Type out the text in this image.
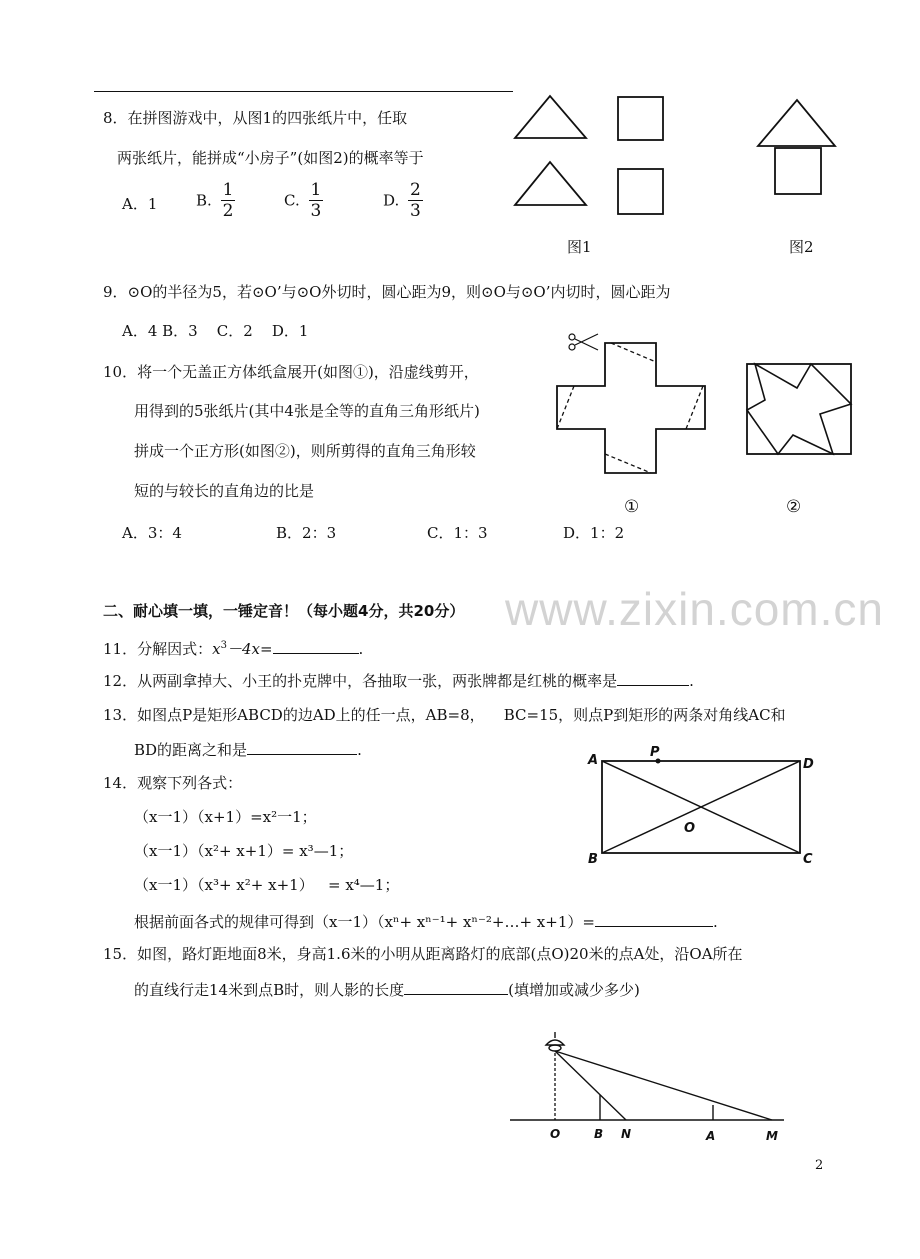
www.zixin.com.cn
8．在拼图游戏中，从图1的四张纸片中，任取
两张纸片，能拼成“小房子”(如图2)的概率等于
A．1	B. $\frac{1}{2}$	C. $\frac{1}{3}$	D. $\frac{2}{3}$
图1	图2
9．⊙O的半径为5，若⊙O’与⊙O外切时，圆心距为9，则⊙O与⊙O’内切时，圆心距为
A．4 B．3    C．2    D．1
10．将一个无盖正方体纸盒展开(如图①)，沿虚线剪开，
用得到的5张纸片(其中4张是全等的直角三角形纸片)
拼成一个正方形(如图②)，则所剪得的直角三角形较
短的与较长的直角边的比是
A．3：4	B．2：3	C．1：3	D．1：2
①	②
二、耐心填一填，一锤定音！（每小题4分，共20分）
11．分解因式：$x^3-4x=$	.
12．从两副拿掉大、小王的扑克牌中，各抽取一张，两张牌都是红桃的概率是	.
13．如图点P是矩形ABCD的边AD上的任一点，AB=8，    BC=15，则点P到矩形的两条对角线AC和
BD的距离之和是	.
A
P
D
O
B	C
14．观察下列各式：
（x一1）（x+1）=x²一1；
（x一1）（x²+ x+1）= x³—1；
（x一1）（x³+ x²+ x+1）   = x⁴—1；
根据前面各式的规律可得到（x一1）（xⁿ+ xⁿ⁻¹+ xⁿ⁻²+…+ x+1）=	.
15．如图，路灯距地面8米，身高1.6米的小明从距离路灯的底部(点O)20米的点A处，沿OA所在
的直线行走14米到点B时，则人影的长度	(填增加或减少多少)
O	B N	A	M
2
